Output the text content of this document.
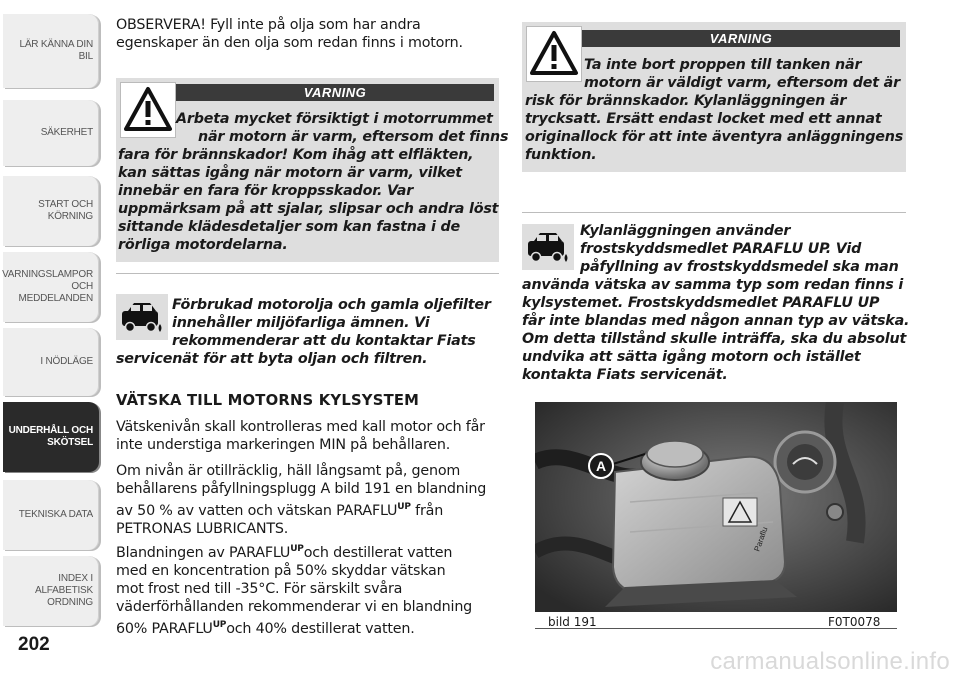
LÄR KÄNNA DIN BIL
SÄKERHET
START OCH
KÖRNING
VARNINGSLAMPOR
OCH
MEDDELANDEN
I NÖDLÄGE
UNDERHÅLL OCH
SKÖTSEL
TEKNISKA DATA
INDEX I ALFABETISK
ORDNING
202

OBSERVERA! Fyll inte på olja som har andra

egenskaper än den olja som redan finns i motorn.

VARNING

Arbeta mycket försiktigt i motorrummet

när motorn är varm, eftersom det finns

fara för brännskador! Kom ihåg att elfläkten,

kan sättas igång när motorn är varm, vilket

innebär en fara för kroppsskador. Var

uppmärksam på att sjalar, slipsar och andra löst

sittande klädesdetaljer som kan fastna i de

rörliga motordelarna.

Förbrukad motorolja och gamla oljefilter

innehåller miljöfarliga ämnen. Vi

rekommenderar att du kontaktar Fiats

servicenät för att byta oljan och filtren.

VÄTSKA TILL MOTORNS KYLSYSTEM

Vätskenivån skall kontrolleras med kall motor och får

inte understiga markeringen MIN på behållaren.

Om nivån är otillräcklig, häll långsamt på, genom

behållarens påfyllningsplugg A bild 191 en blandning

av 50 % av vatten och vätskan $PARAFLU^{UP}$ från

PETRONAS LUBRICANTS.

Blandningen av $PARAFLU^{UP}och$ destillerat vatten

med en koncentration på 50% skyddar vätskan

mot frost ned till -35°C. För särskilt svåra

väderförhållanden rekommenderar vi en blandning

60% $PARAFLU^{UP}och$ 40% destillerat vatten.

VARNING

Ta inte bort proppen till tanken när

motorn är väldigt varm, eftersom det är

risk för brännskador. Kylanläggningen är

trycksatt. Ersätt endast locket med ett annat

originallock för att inte äventyra anläggningens

funktion.

Kylanläggningen använder

frostskyddsmedlet PARAFLU UP. Vid

påfyllning av frostskyddsmedel ska man

använda vätska av samma typ som redan finns i

kylsystemet. Frostskyddsmedlet PARAFLU UP

får inte blandas med någon annan typ av vätska.

Om detta tillstånd skulle inträffa, ska du absolut

undvika att sätta igång motorn och istället

kontakta Fiats servicenät.

A
Paraflu
bild 191	F0T0078
carmanualsonline.info
